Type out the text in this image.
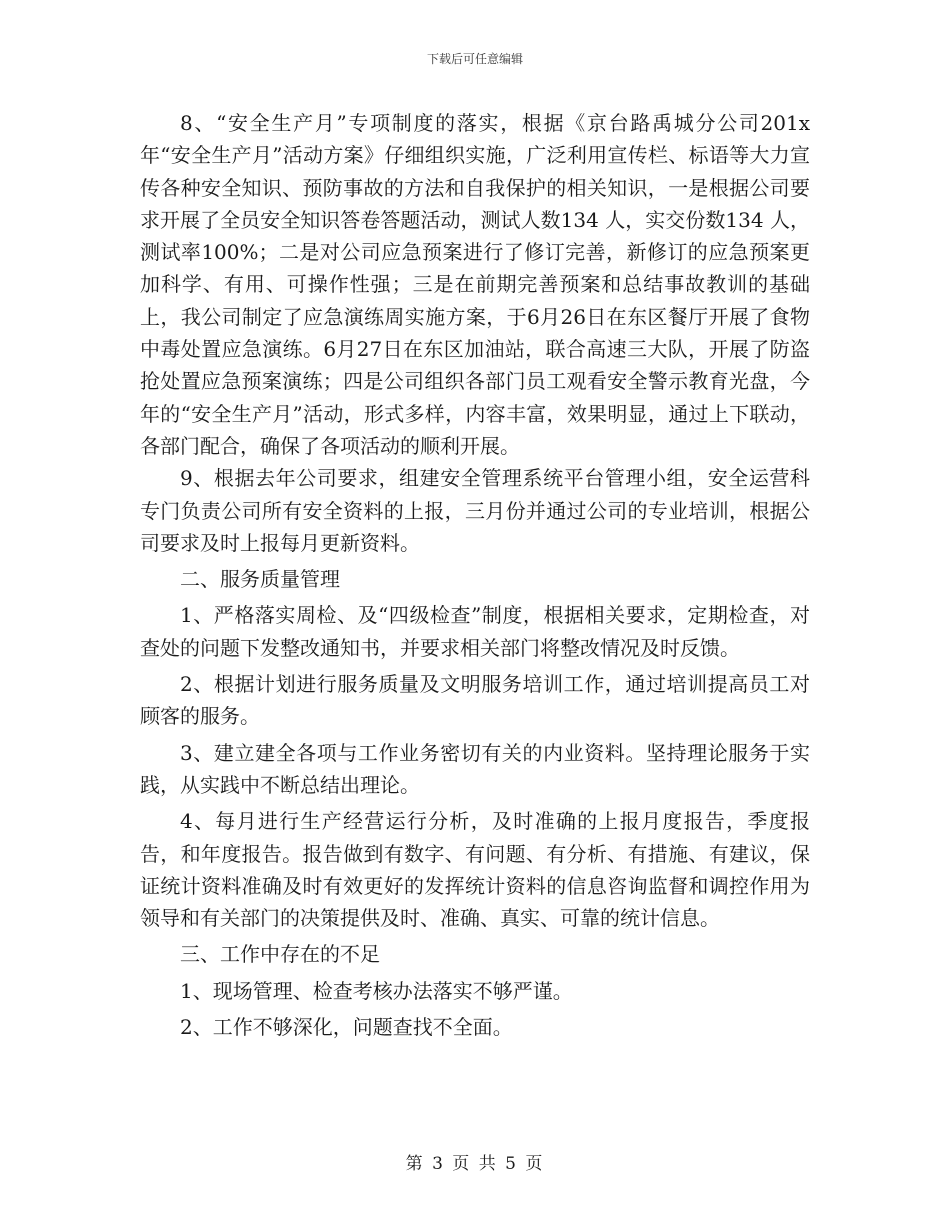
下载后可任意编辑

8、“安全生产月”专项制度的落实，根据《京台路禹城分公司201x 年“安全生产月”活动方案》仔细组织实施，广泛利用宣传栏、标语等大力宣传各种安全知识、预防事故的方法和自我保护的相关知识，一是根据公司要求开展了全员安全知识答卷答题活动，测试人数134 人，实交份数134 人，测试率100%；二是对公司应急预案进行了修订完善，新修订的应急预案更加科学、有用、可操作性强；三是在前期完善预案和总结事故教训的基础上，我公司制定了应急演练周实施方案，于6月26日在东区餐厅开展了食物中毒处置应急演练。6月27日在东区加油站，联合高速三大队，开展了防盗抢处置应急预案演练；四是公司组织各部门员工观看安全警示教育光盘，今年的“安全生产月”活动，形式多样，内容丰富，效果明显，通过上下联动，各部门配合，确保了各项活动的顺利开展。

9、根据去年公司要求，组建安全管理系统平台管理小组，安全运营科专门负责公司所有安全资料的上报，三月份并通过公司的专业培训，根据公司要求及时上报每月更新资料。

二、服务质量管理

1、严格落实周检、及“四级检查”制度，根据相关要求，定期检查，对查处的问题下发整改通知书，并要求相关部门将整改情况及时反馈。

2、根据计划进行服务质量及文明服务培训工作，通过培训提高员工对顾客的服务。

3、建立建全各项与工作业务密切有关的内业资料。坚持理论服务于实践，从实践中不断总结出理论。

4、每月进行生产经营运行分析，及时准确的上报月度报告，季度报告，和年度报告。报告做到有数字、有问题、有分析、有措施、有建议，保证统计资料准确及时有效更好的发挥统计资料的信息咨询监督和调控作用为领导和有关部门的决策提供及时、准确、真实、可靠的统计信息。

三、工作中存在的不足

1、现场管理、检查考核办法落实不够严谨。

2、工作不够深化，问题查找不全面。

第 3 页 共 5 页
